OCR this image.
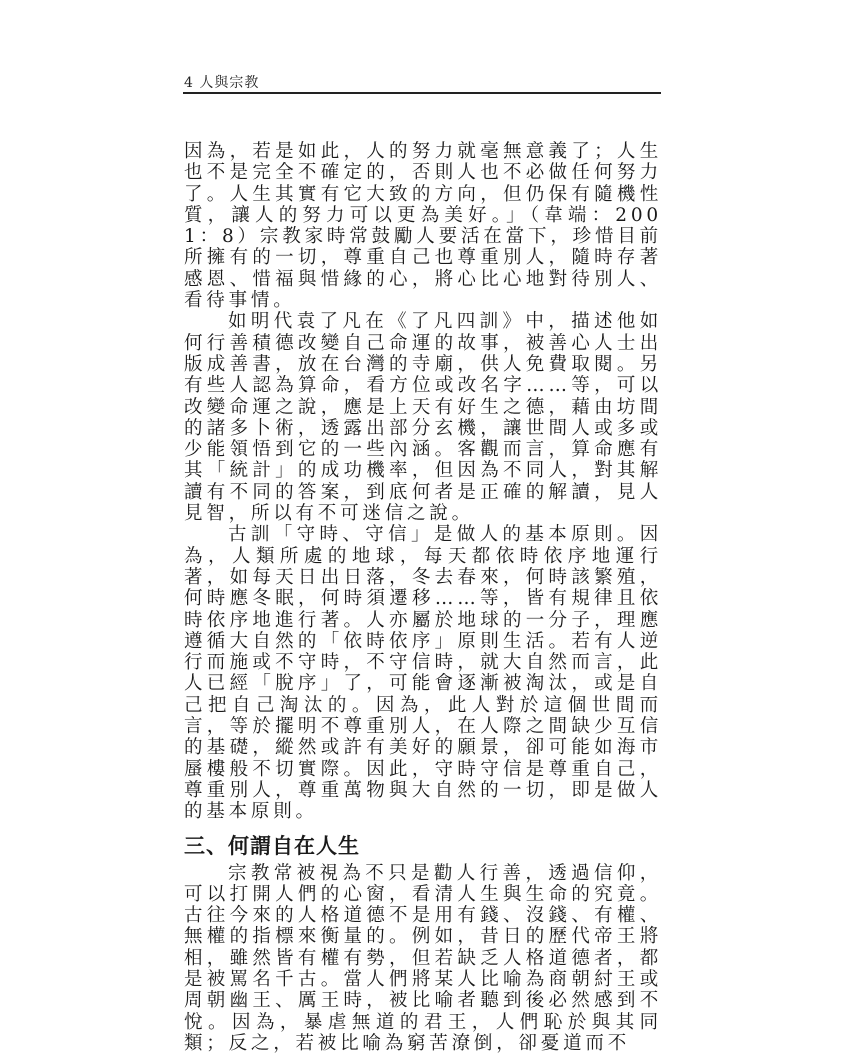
4 人與宗教

因為，若是如此，人的努力就毫無意義了；人生也不是完全不確定的，否則人也不必做任何努力了。人生其實有它大致的方向，但仍保有隨機性質，讓人的努力可以更為美好。」（韋端：2001：8）宗教家時常鼓勵人要活在當下，珍惜目前所擁有的一切，尊重自己也尊重別人，隨時存著感恩、惜福與惜緣的心，將心比心地對待別人、看待事情。

如明代袁了凡在《了凡四訓》中，描述他如何行善積德改變自己命運的故事，被善心人士出版成善書，放在台灣的寺廟，供人免費取閱。另有些人認為算命，看方位或改名字……等，可以改變命運之說，應是上天有好生之德，藉由坊間的諸多卜術，透露出部分玄機，讓世間人或多或少能領悟到它的一些內涵。客觀而言，算命應有其「統計」的成功機率，但因為不同人，對其解讀有不同的答案，到底何者是正確的解讀，見人見智，所以有不可迷信之說。

古訓「守時、守信」是做人的基本原則。因為，人類所處的地球，每天都依時依序地運行著，如每天日出日落，冬去春來，何時該繁殖，何時應冬眠，何時須遷移……等，皆有規律且依時依序地進行著。人亦屬於地球的一分子，理應遵循大自然的「依時依序」原則生活。若有人逆行而施或不守時，不守信時，就大自然而言，此人已經「脫序」了，可能會逐漸被淘汰，或是自己把自己淘汰的。因為，此人對於這個世間而言，等於擺明不尊重別人，在人際之間缺少互信的基礎，縱然或許有美好的願景，卻可能如海市蜃樓般不切實際。因此，守時守信是尊重自己，尊重別人，尊重萬物與大自然的一切，即是做人的基本原則。

三、何謂自在人生

宗教常被視為不只是勸人行善，透過信仰，可以打開人們的心窗，看清人生與生命的究竟。古往今來的人格道德不是用有錢、沒錢、有權、無權的指標來衡量的。例如，昔日的歷代帝王將相，雖然皆有權有勢，但若缺乏人格道德者，都是被罵名千古。當人們將某人比喻為商朝紂王或周朝幽王、厲王時，被比喻者聽到後必然感到不悅。因為，暴虐無道的君王，人們恥於與其同類；反之，若被比喻為窮苦潦倒，卻憂道而不
